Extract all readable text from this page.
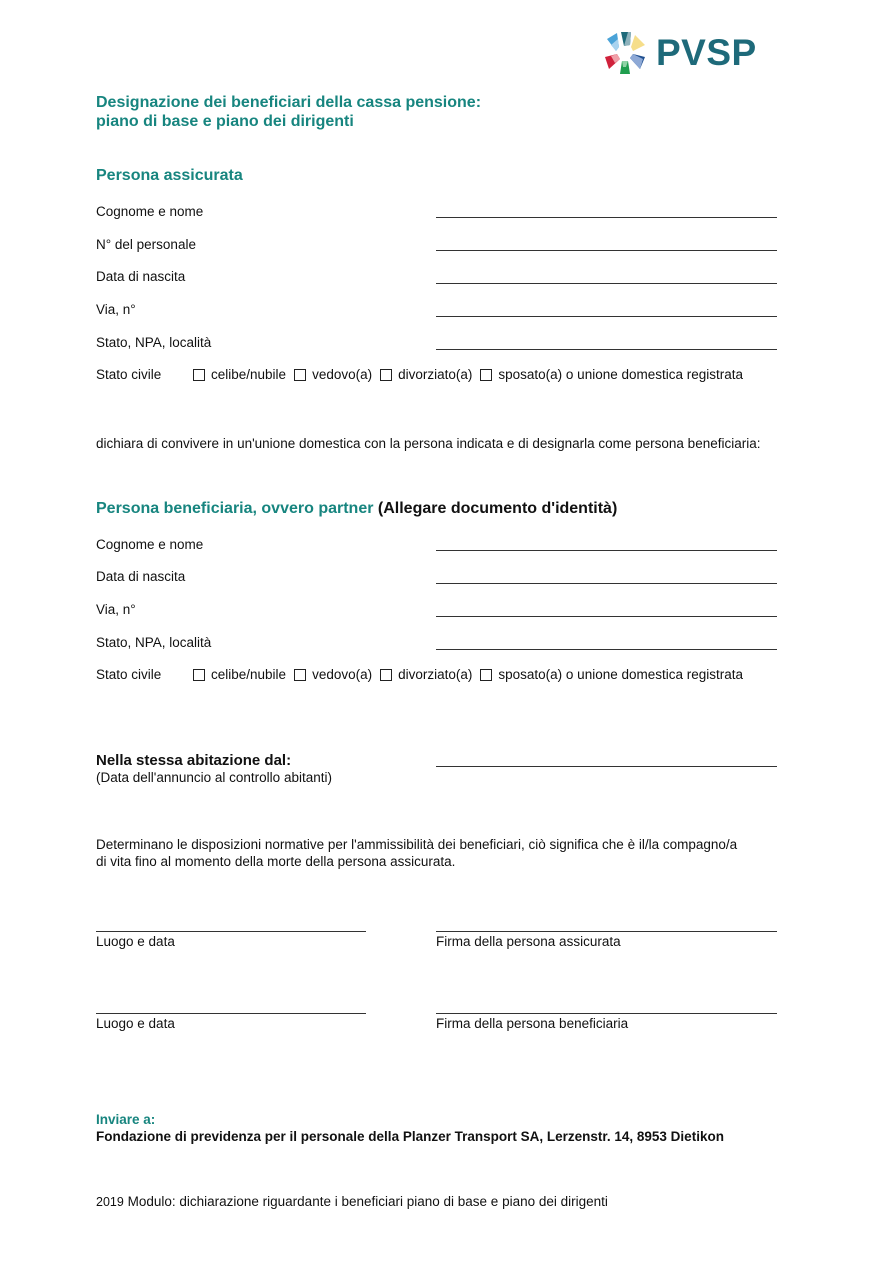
PVSP
Designazione dei beneficiari della cassa pensione:
piano di base e piano dei dirigenti
Persona assicurata
Cognome e nome
N° del personale
Data di nascita
Via, n°
Stato, NPA, località
Stato civile	celibe/nubile vedovo(a) divorziato(a) sposato(a) o unione domestica registrata
dichiara di convivere in un'unione domestica con la persona indicata e di designarla come persona beneficiaria:
Persona beneficiaria, ovvero partner (Allegare documento d'identità)
Cognome e nome
Data di nascita
Via, n°
Stato, NPA, località
Stato civile	celibe/nubile vedovo(a) divorziato(a) sposato(a) o unione domestica registrata
Nella stessa abitazione dal:
(Data dell'annuncio al controllo abitanti)
Determinano le disposizioni normative per l'ammissibilità dei beneficiari, ciò significa che è il/la compagno/a
di vita fino al momento della morte della persona assicurata.
Luogo e data	Firma della persona assicurata
Luogo e data	Firma della persona beneficiaria
Inviare a:
Fondazione di previdenza per il personale della Planzer Transport SA, Lerzenstr. 14, 8953 Dietikon
2019 Modulo: dichiarazione riguardante i beneficiari piano di base e piano dei dirigenti
